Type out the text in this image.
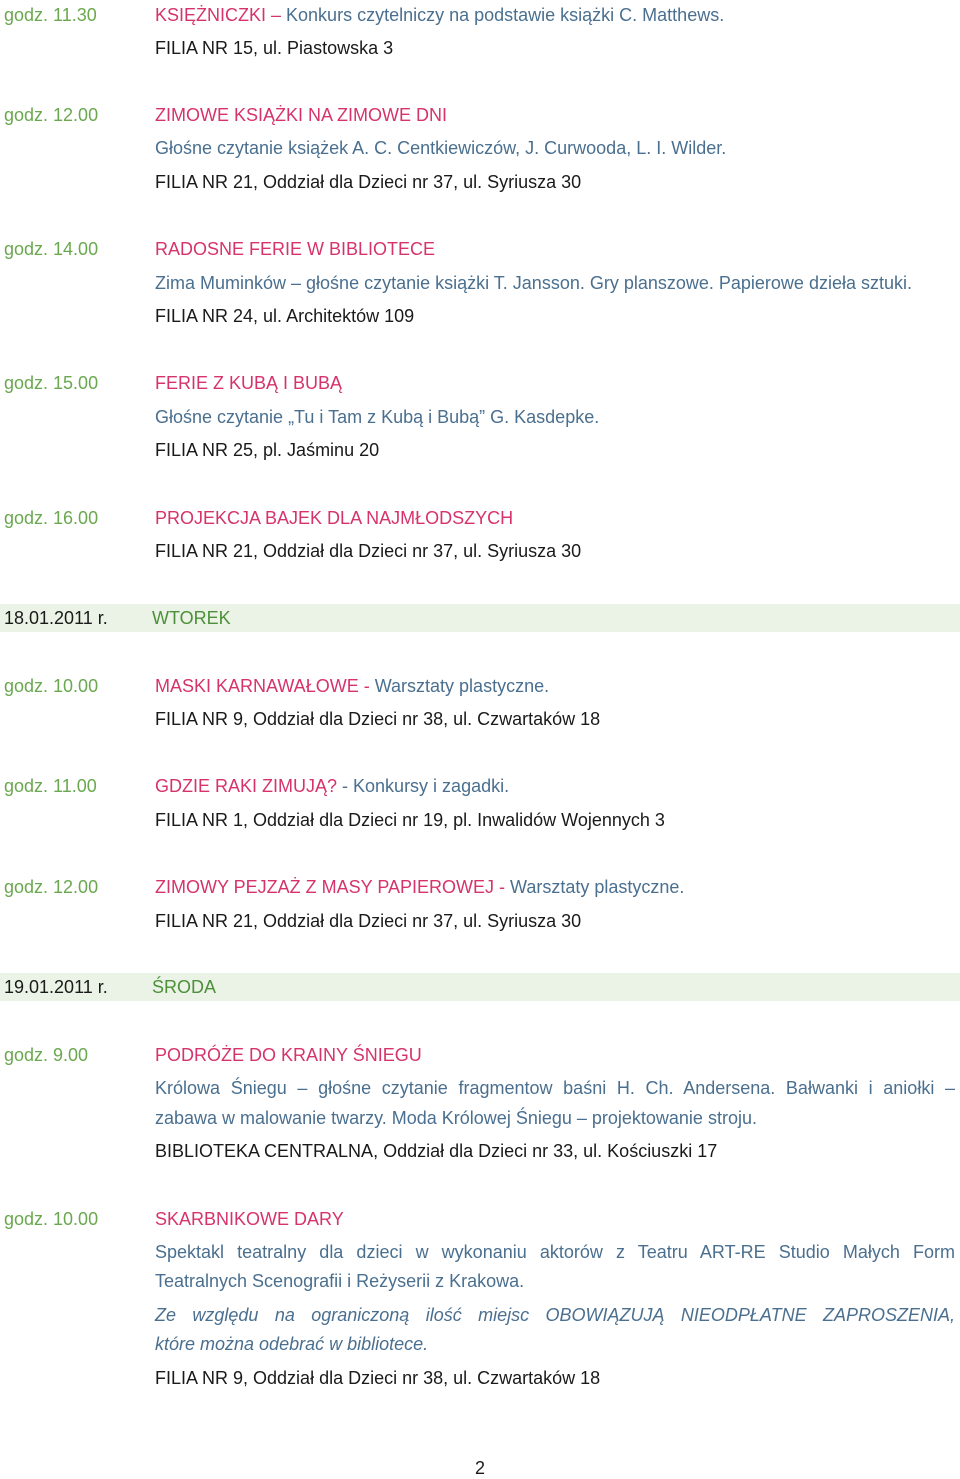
godz. 11.30	KSIĘŻNICZKI – Konkurs czytelniczy na podstawie książki C. Matthews.
FILIA NR 15, ul. Piastowska 3
godz. 12.00	ZIMOWE KSIĄŻKI NA ZIMOWE DNI
Głośne czytanie książek A. C. Centkiewiczów, J. Curwooda, L. I. Wilder.
FILIA NR 21, Oddział dla Dzieci nr 37, ul. Syriusza 30
godz. 14.00	RADOSNE FERIE W BIBLIOTECE
Zima Muminków – głośne czytanie książki T. Jansson. Gry planszowe. Papierowe dzieła sztuki.
FILIA NR 24, ul. Architektów 109
godz. 15.00	FERIE Z KUBĄ I BUBĄ
Głośne czytanie „Tu i Tam z Kubą i Bubą” G. Kasdepke.
FILIA NR 25, pl. Jaśminu 20
godz. 16.00	PROJEKCJA BAJEK DLA NAJMŁODSZYCH
FILIA NR 21, Oddział dla Dzieci nr 37, ul. Syriusza 30
18.01.2011 r. WTOREK
godz. 10.00	MASKI KARNAWAŁOWE - Warsztaty plastyczne.
FILIA NR 9, Oddział dla Dzieci nr 38, ul. Czwartaków 18
godz. 11.00	GDZIE RAKI ZIMUJĄ? - Konkursy i zagadki.
FILIA NR 1, Oddział dla Dzieci nr 19, pl. Inwalidów Wojennych 3
godz. 12.00	ZIMOWY PEJZAŻ Z MASY PAPIEROWEJ - Warsztaty plastyczne.
FILIA NR 21, Oddział dla Dzieci nr 37, ul. Syriusza 30
19.01.2011 r. ŚRODA
godz. 9.00	PODRÓŻE DO KRAINY ŚNIEGU
Królowa Śniegu – głośne czytanie fragmentow baśni H. Ch. Andersena. Bałwanki i aniołki –
zabawa w malowanie twarzy. Moda Królowej Śniegu – projektowanie stroju.
BIBLIOTEKA CENTRALNA, Oddział dla Dzieci nr 33, ul. Kościuszki 17
godz. 10.00	SKARBNIKOWE DARY
Spektakl teatralny dla dzieci w wykonaniu aktorów z Teatru ART-RE Studio Małych Form
Teatralnych Scenografii i Reżyserii z Krakowa.
Ze względu na ograniczoną ilość miejsc OBOWIĄZUJĄ NIEODPŁATNE ZAPROSZENIA,
które można odebrać w bibliotece.
FILIA NR 9, Oddział dla Dzieci nr 38, ul. Czwartaków 18
2
